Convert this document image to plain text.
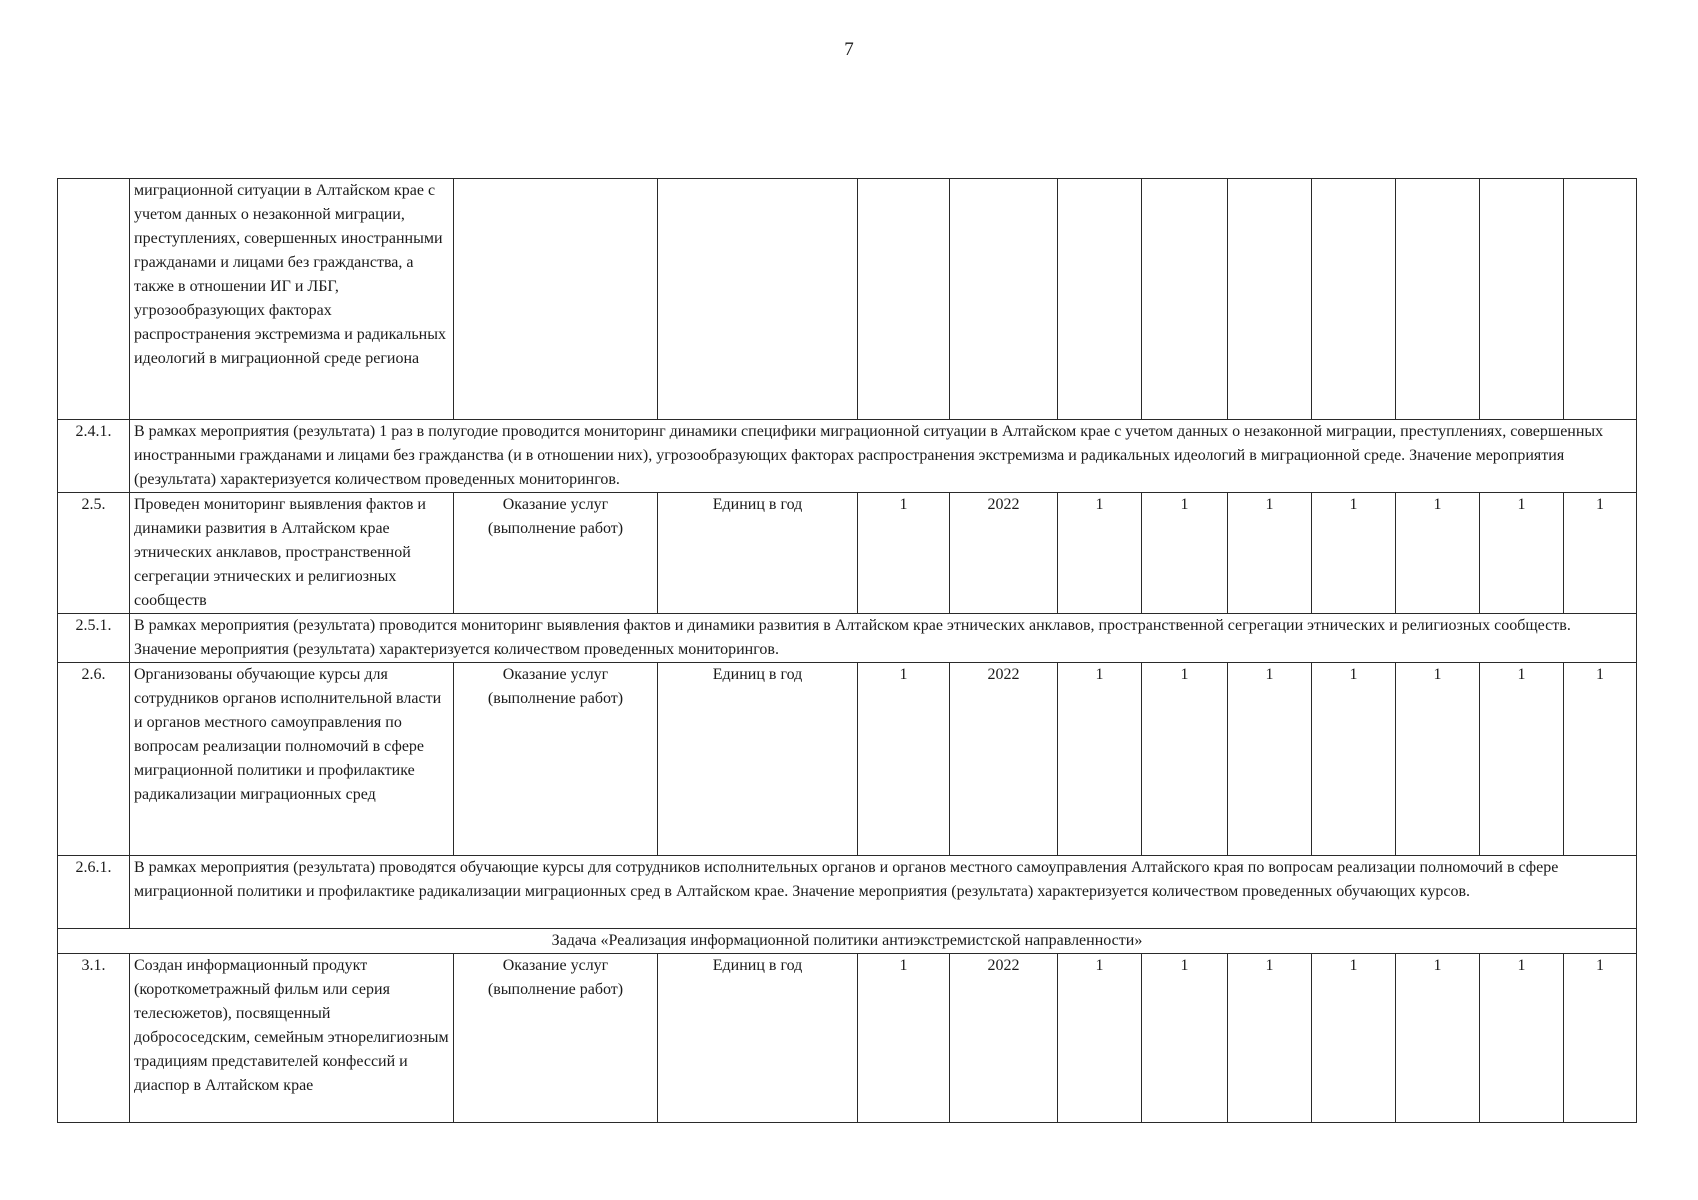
7
	миграционной ситуации в Алтайском крае с учетом данных о незаконной миграции, преступлениях, совершенных иностранными гражданами и лицами без гражданства, а также в отношении ИГ и ЛБГ, угрозообразующих факторах распространения экстремизма и радикальных идеологий в миграционной среде региона											
2.4.1.	В рамках мероприятия (результата) 1 раз в полугодие проводится мониторинг динамики специфики миграционной ситуации в Алтайском крае с учетом данных о незаконной миграции, преступлениях, совершенных иностранными гражданами и лицами без гражданства (и в отношении них), угрозообразующих факторах распространения экстремизма и радикальных идеологий в миграционной среде. Значение мероприятия (результата) характеризуется количеством проведенных мониторингов.											
2.5.	Проведен мониторинг выявления фактов и динамики развития в Алтайском крае этнических анклавов, пространственной сегрегации этнических и религиозных сообществ	Оказание услуг (выполнение работ)	Единиц в год	1	2022	1	1	1	1	1	1	1
2.5.1.	В рамках мероприятия (результата) проводится мониторинг выявления фактов и динамики развития в Алтайском крае этнических анклавов, пространственной сегрегации этнических и религиозных сообществ. Значение мероприятия (результата) характеризуется количеством проведенных мониторингов.											
2.6.	Организованы обучающие курсы для сотрудников органов исполнительной власти и органов местного самоуправления по вопросам реализации полномочий в сфере миграционной политики и профилактике радикализации миграционных сред	Оказание услуг (выполнение работ)	Единиц в год	1	2022	1	1	1	1	1	1	1
2.6.1.	В рамках мероприятия (результата) проводятся обучающие курсы для сотрудников исполнительных органов и органов местного самоуправления Алтайского края по вопросам реализации полномочий в сфере миграционной политики и профилактике радикализации миграционных сред в Алтайском крае. Значение мероприятия (результата) характеризуется количеством проведенных обучающих курсов.											
Задача «Реализация информационной политики антиэкстремистской направленности»												
3.1.	Создан информационный продукт (короткометражный фильм или серия телесюжетов), посвященный добрососедским, семейным этнорелигиозным традициям представителей конфессий и диаспор в Алтайском крае	Оказание услуг (выполнение работ)	Единиц в год	1	2022	1	1	1	1	1	1	1
